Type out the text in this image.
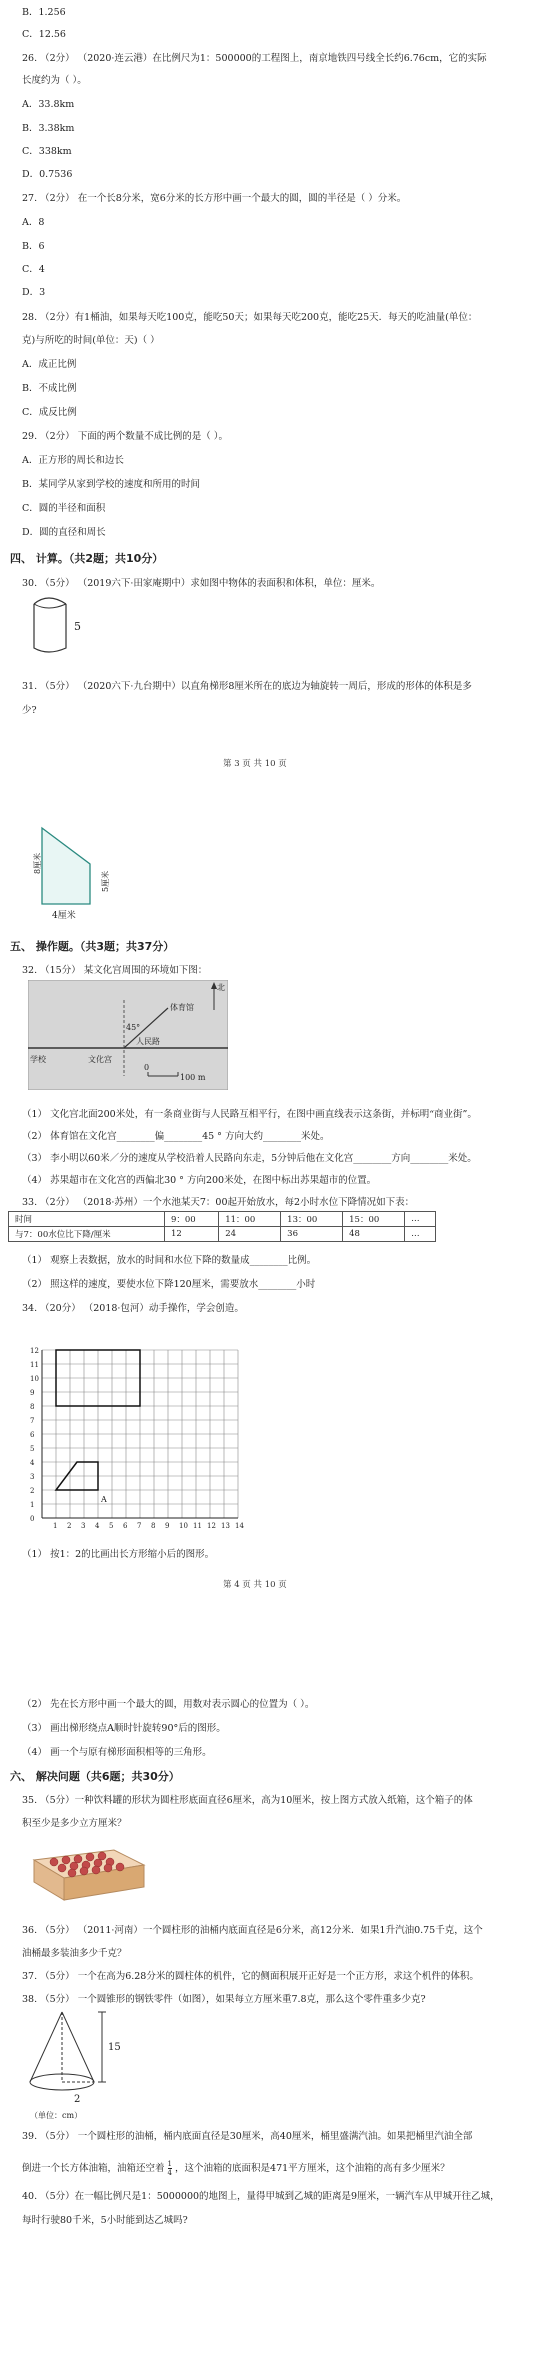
B．1.256
C．12.56
26. （2分） （2020·连云港）在比例尺为1：500000的工程图上，南京地铁四号线全长约6.76cm，它的实际
长度约为（ ）。
A．33.8km
B．3.38km
C．338km
D．0.7536
27. （2分） 在一个长8分米，宽6分米的长方形中画一个最大的圆，圆的半径是（ ）分米。
A．8
B．6
C．4
D．3
28. （2分）有1桶油，如果每天吃100克，能吃50天；如果每天吃200克，能吃25天．每天的吃油量(单位：
克)与所吃的时间(单位：天)（ ）
A．成正比例
B．不成比例
C．成反比例
29. （2分） 下面的两个数量不成比例的是（ ）。
A．正方形的周长和边长
B．某同学从家到学校的速度和所用的时间
C．圆的半径和面积
D．圆的直径和周长
四、 计算。（共2题；共10分）
30. （5分） （2019六下·田家庵期中）求如图中物体的表面积和体积，单位：厘米。
5
31. （5分） （2020六下·九台期中）以直角梯形8厘米所在的底边为轴旋转一周后，形成的形体的体积是多
少?
第 3 页 共 10 页
8厘米
5厘米
4厘米
五、 操作题。（共3题；共37分）
32. （15分） 某文化宫周围的环境如下图：
北
学校	文化宫
体育馆
人民路
45°
0
100 m
（1） 文化宫北面200米处，有一条商业街与人民路互相平行，在图中画直线表示这条街，并标明“商业街”。
（2） 体育馆在文化宫________偏________45 ° 方向大约________米处。
（3） 李小明以60米／分的速度从学校沿着人民路向东走，5分钟后他在文化宫________方向________米处。
（4） 苏果超市在文化宫的西偏北30 ° 方向200米处，在图中标出苏果超市的位置。
33. （2分） （2018·苏州）一个水池某天7：00起开始放水，每2小时水位下降情况如下表：
时间	9：00	11：00	13：00	15：00	…
与7：00水位比下降/厘米	12	24	36	48	…
（1） 观察上表数据，放水的时间和水位下降的数量成________比例。
（2） 照这样的速度，要使水位下降120厘米，需要放水________小时
34. （20分） （2018·包河）动手操作，学会创造。
12
11
10
9
8
7
6
5
4
3
2
1
0
1 2 3 4 5 6 7 8 9 10 11 12 13 14
A
（1） 按1：2的比画出长方形缩小后的图形。
第 4 页 共 10 页
（2） 先在长方形中画一个最大的圆，用数对表示圆心的位置为（ ）。
（3） 画出梯形绕点A顺时针旋转90°后的图形。
（4） 画一个与原有梯形面积相等的三角形。
六、 解决问题（共6题；共30分）
35. （5分）一种饮料罐的形状为圆柱形底面直径6厘米，高为10厘米，按上图方式放入纸箱，这个箱子的体
积至少是多少立方厘米？
36. （5分） （2011·河南）一个圆柱形的油桶内底面直径是6分米，高12分米．如果1升汽油0.75千克，这个
油桶最多装油多少千克？
37. （5分） 一个在高为6.28分米的圆柱体的机件，它的侧面积展开正好是一个正方形，求这个机件的体积。
38. （5分） 一个圆锥形的钢铁零件（如图），如果每立方厘米重7.8克，那么这个零件重多少克?
15
2
（单位：cm）
39. （5分） 一个圆柱形的油桶，桶内底面直径是30厘米，高40厘米，桶里盛满汽油。如果把桶里汽油全部
倒进一个长方体油箱，油箱还空着 $\frac{1}{4}$ ，这个油箱的底面积是471平方厘米，这个油箱的高有多少厘米？
40. （5分）在一幅比例尺是1：5000000的地图上，量得甲城到乙城的距离是9厘米，一辆汽车从甲城开往乙城，
每时行驶80千米，5小时能到达乙城吗?
